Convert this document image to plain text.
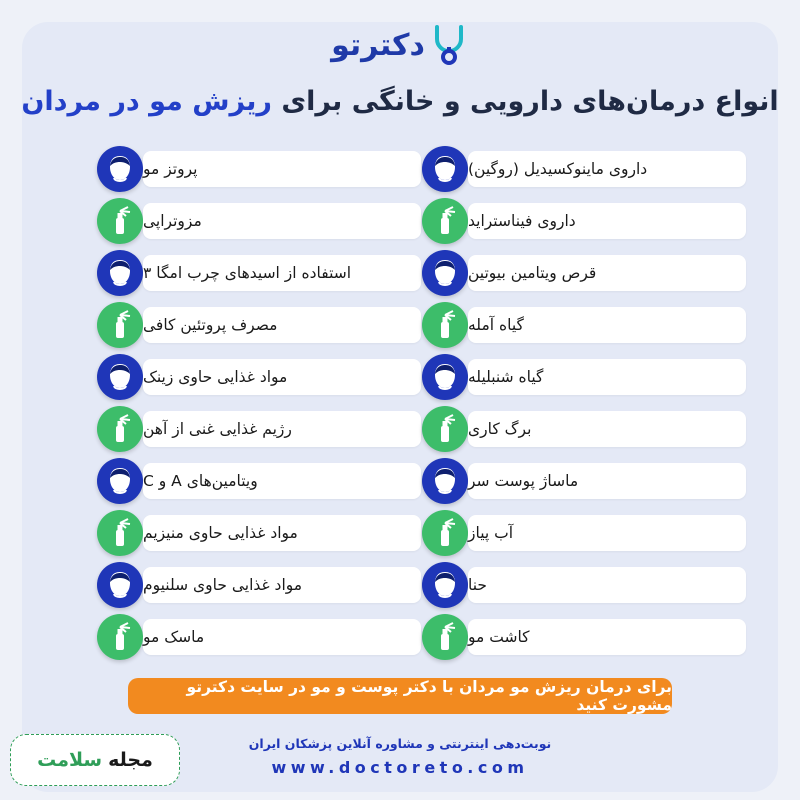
دکترتو
انواع درمان‌های دارویی و خانگی برای ریزش مو در مردان
پروتز مو
مزوتراپی
استفاده از اسیدهای چرب امگا ۳
مصرف پروتئین کافی
مواد غذایی حاوی زینک
رژیم غذایی غنی از آهن
ویتامین‌های A و C
مواد غذایی حاوی منیزیم
مواد غذایی حاوی سلنیوم
ماسک مو
داروی ماینوکسیدیل (روگین)
داروی فیناستراید
قرص ویتامین بیوتین
گیاه آمله
گیاه شنبلیله
برگ کاری
ماساژ پوست سر
آب پیاز
حنا
کاشت مو
برای درمان ریزش مو مردان با دکتر پوست و مو در سایت دکترتو مشورت کنید
نوبت‌دهی اینترنتی و مشاوره آنلاین پزشکان ایران
www.doctoreto.com
مجله
سلامت
